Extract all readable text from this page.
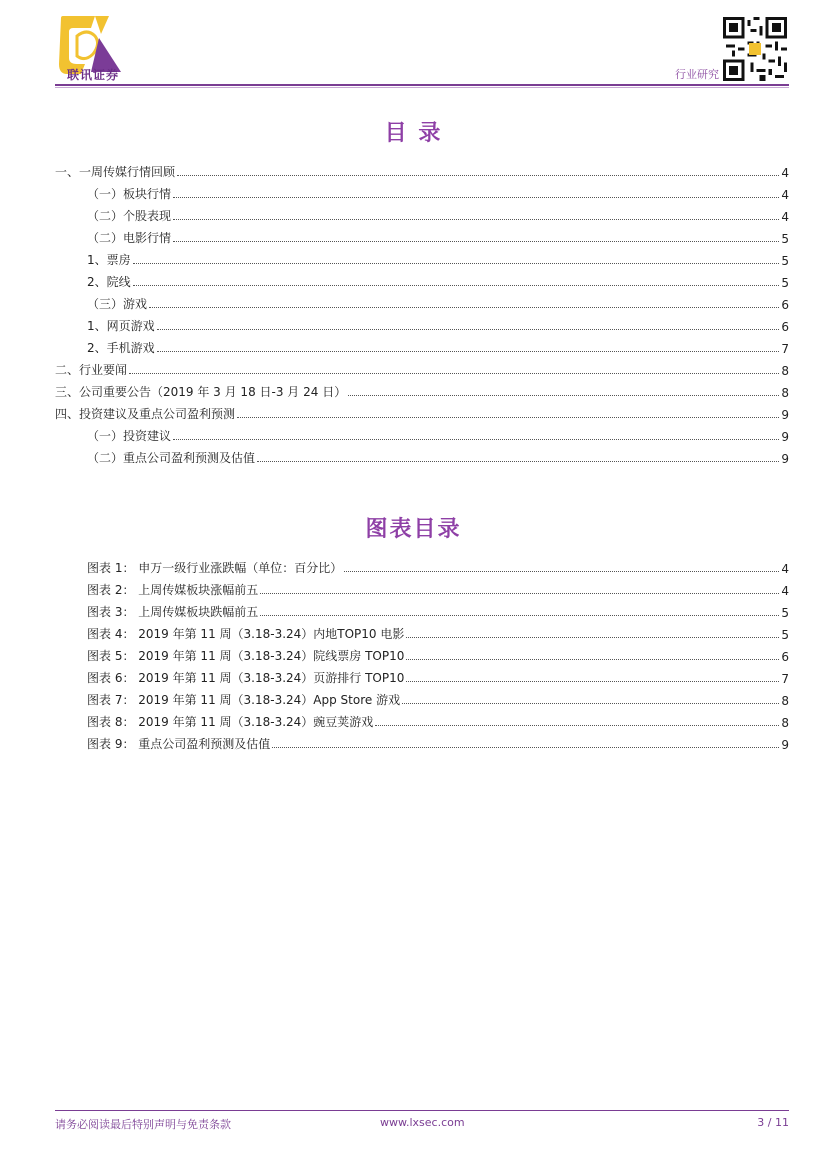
联讯证券	行业研究
目 录
一、一周传媒行情回顾	4
（一）板块行情	4
（二）个股表现	4
（二）电影行情	5
1、票房	5
2、院线	5
（三）游戏	6
1、网页游戏	6
2、手机游戏	7
二、行业要闻	8
三、公司重要公告（2019 年 3 月 18 日-3 月 24 日）	8
四、投资建议及重点公司盈利预测	9
（一）投资建议	9
（二）重点公司盈利预测及估值	9
图表目录
图表 1： 申万一级行业涨跌幅（单位：百分比）	4
图表 2： 上周传媒板块涨幅前五	4
图表 3： 上周传媒板块跌幅前五	5
图表 4： 2019 年第 11 周（3.18-3.24）内地TOP10 电影	5
图表 5： 2019 年第 11 周（3.18-3.24）院线票房 TOP10	6
图表 6： 2019 年第 11 周（3.18-3.24）页游排行 TOP10	7
图表 7： 2019 年第 11 周（3.18-3.24）App Store 游戏	8
图表 8： 2019 年第 11 周（3.18-3.24）豌豆荚游戏	8
图表 9： 重点公司盈利预测及估值	9
请务必阅读最后特别声明与免责条款	www.lxsec.com	3 / 11
